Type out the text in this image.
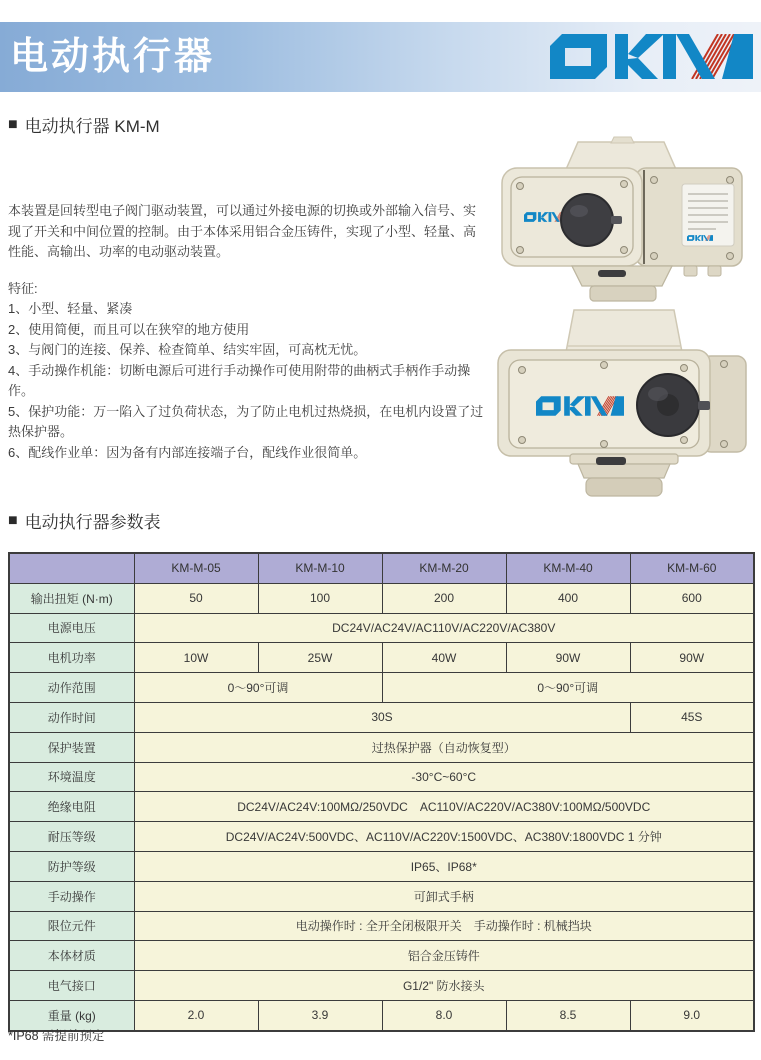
电动执行器
■ 电动执行器 KM-M

本装置是回转型电子阀门驱动装置，可以通过外接电源的切换或外部输入信号、实现了开关和中间位置的控制。由于本体采用铝合金压铸件，实现了小型、轻量、高性能、高输出、功率的电动驱动装置。

特征:
1、小型、轻量、紧凑
2、使用简便，而且可以在狭窄的地方使用
3、与阀门的连接、保养、检查简单、结实牢固，可高枕无忧。
4、手动操作机能：切断电源后可进行手动操作可使用附带的曲柄式手柄作手动操作。
5、保护功能：万一陷入了过负荷状态，为了防止电机过热烧损，在电机内设置了过热保护器。
6、配线作业单：因为备有内部连接端子台，配线作业很简单。
■ 电动执行器参数表
	KM-M-05	KM-M-10	KM-M-20	KM-M-40	KM-M-60
输出扭矩 (N·m)	50	100	200	400	600
电源电压	DC24V/AC24V/AC110V/AC220V/AC380V				
电机功率	10W	25W	40W	90W	90W
动作范围	0～90°可调		0～90°可调		
动作时间	30S				45S
保护装置	过热保护器（自动恢复型）				
环境温度	-30°C~60°C				
绝缘电阻	DC24V/AC24V:100MΩ/250VDC　AC110V/AC220V/AC380V:100MΩ/500VDC				
耐压等级	DC24V/AC24V:500VDC、AC110V/AC220V:1500VDC、AC380V:1800VDC 1 分钟				
防护等级	IP65、IP68*				
手动操作	可卸式手柄				
限位元件	电动操作时 : 全开全闭极限开关　手动操作时 : 机械挡块				
本体材质	铝合金压铸件				
电气接口	G1/2" 防水接头				
重量 (kg)	2.0	3.9	8.0	8.5	9.0
*IP68 需提前预定
